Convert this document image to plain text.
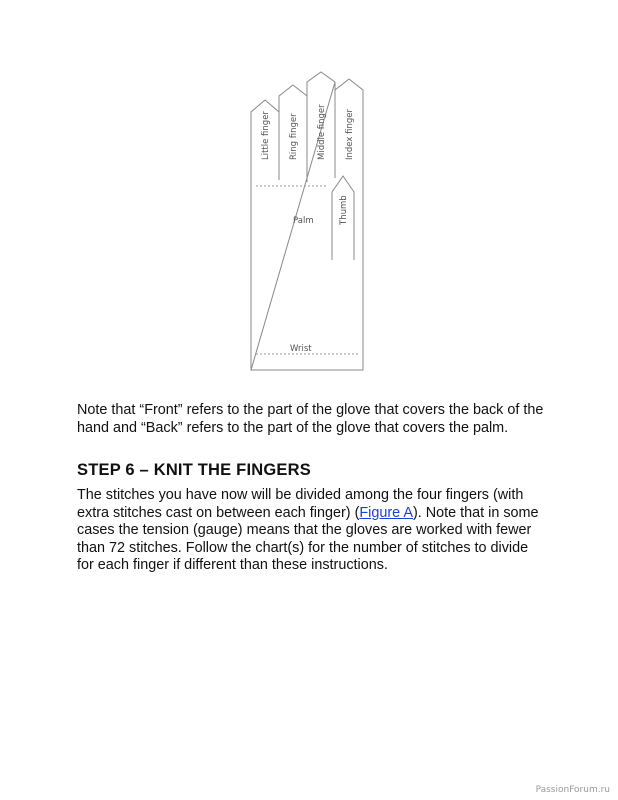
Little finger Ring finger Middle finger Index finger
Thumb
Palm
Wrist

Note that “Front” refers to the part of the glove that covers the back of the hand and “Back” refers to the part of the glove that covers the palm.

STEP 6 – KNIT THE FINGERS

The stitches you have now will be divided among the four fingers (with extra stitches cast on between each finger) (Figure A). Note that in some cases the tension (gauge) means that the gloves are worked with fewer than 72 stitches. Follow the chart(s) for the number of stitches to divide for each finger if different than these instructions.

PassionForum.ru
